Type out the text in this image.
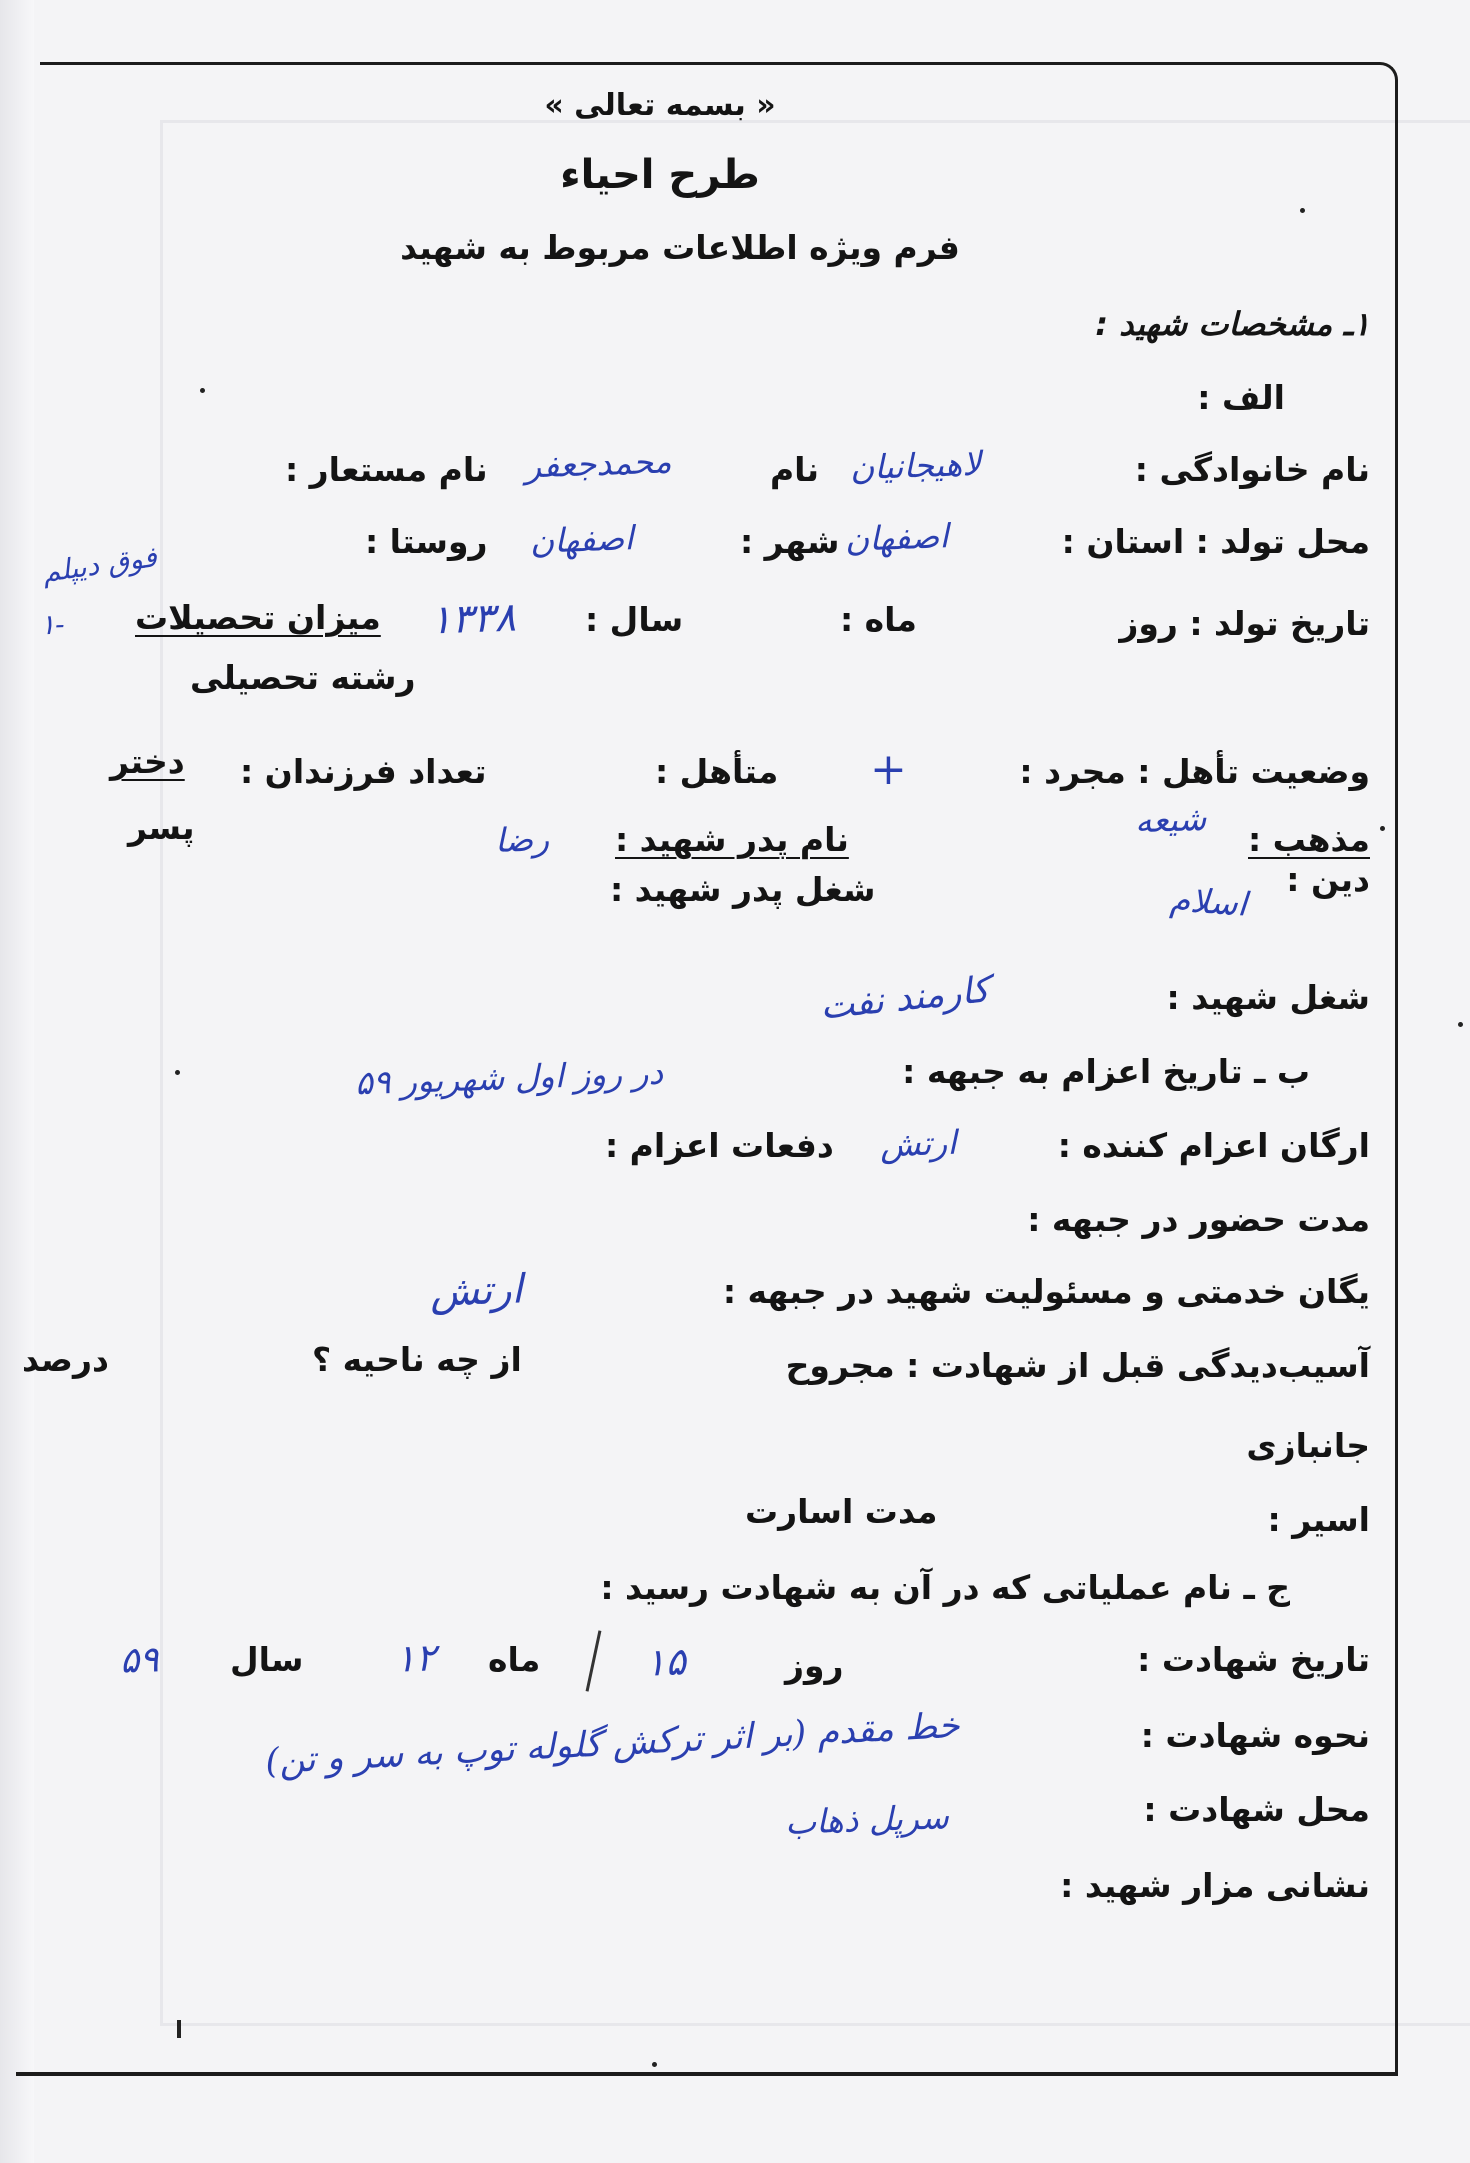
« بسمه تعالی »
طرح احیاء
فرم ویژه اطلاعات مربوط به شهید
۱ـ مشخصات شهید :
الف :
نام خانوادگی :
لاهیجانیان
نام
محمدجعفر
نام مستعار :
محل تولد : استان :
اصفهان
شهر :
اصفهان
روستا :
تاریخ تولد : روز
ماه :
سال :
۱۳۳۸
میزان تحصیلات
فوق دیپلم
-۱
رشته تحصیلی
وضعیت تأهل : مجرد :
+
متأهل :
تعداد فرزندان :
دختر
پسر	مذهب :
شیعه
نام پدر شهید :
رضا
دین :
اسلام
شغل پدر شهید :
شغل شهید :
کارمند نفت
ب ـ تاریخ اعزام به جبهه :
در روز اول شهریور ۵۹
ارگان اعزام کننده :
ارتش
دفعات اعزام :
مدت حضور در جبهه :
یگان خدمتی و مسئولیت شهید در جبهه :
ارتش
آسیب‌دیدگی قبل از شهادت : مجروح
از چه ناحیه ؟
درصد
جانبازی
اسیر :
مدت اسارت
ج ـ نام عملیاتی که در آن به شهادت رسید :
تاریخ شهادت :
روز
۱۵
ماه
۱۲
سال
۵۹
نحوه شهادت :
خط مقدم (بر اثر ترکش گلوله توپ به سر و تن)
محل شهادت :
سرپل ذهاب
نشانی مزار شهید :
